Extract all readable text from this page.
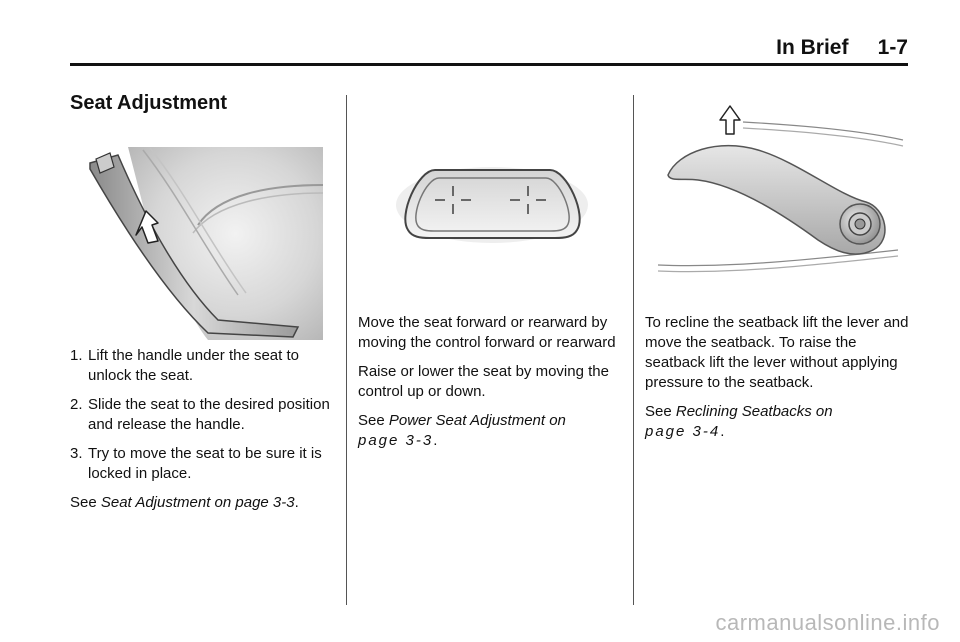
In Brief     1-7
Seat Adjustment
1. Lift the handle under the seat to unlock the seat.
2. Slide the seat to the desired position and release the handle.
3. Try to move the seat to be sure it is locked in place.

See Seat Adjustment on page 3-3.

Move the seat forward or rearward by moving the control forward or rearward

Raise or lower the seat by moving the control up or down.

See Power Seat Adjustment on
page 3-3.

To recline the seatback lift the lever and move the seatback. To raise the seatback lift the lever without applying pressure to the seatback.

See Reclining Seatbacks on
page 3-4.

carmanualsonline.info
